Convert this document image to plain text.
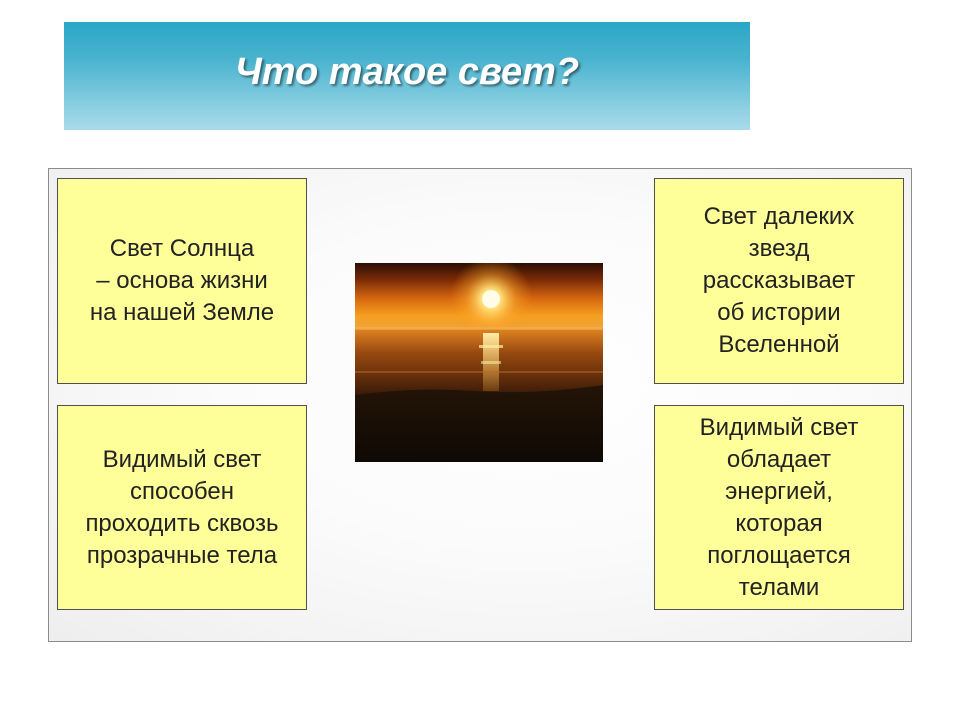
Что такое свет?
Свет Солнца
– основа жизни
на нашей Земле
Видимый свет
способен
проходить сквозь
прозрачные тела
Свет далеких
звезд
рассказывает
об истории
Вселенной
Видимый свет
обладает
энергией,
которая
поглощается
телами
